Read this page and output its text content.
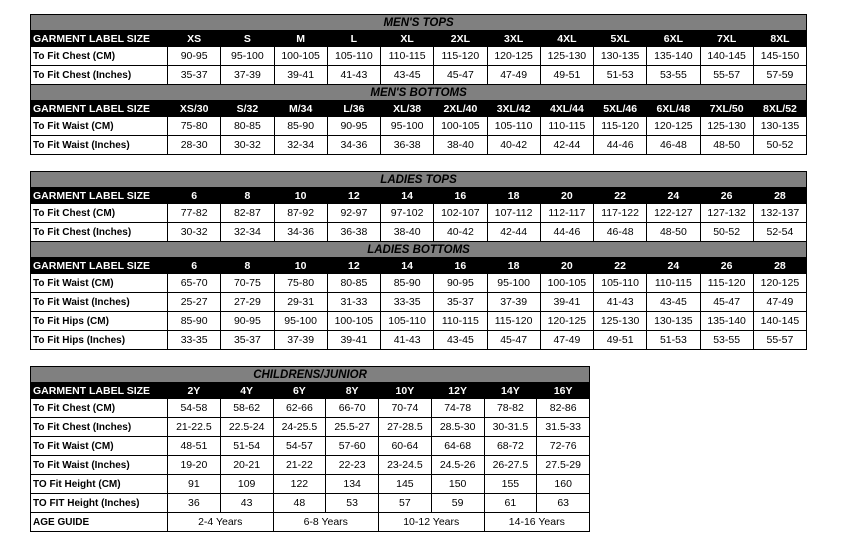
MEN'S TOPS												
GARMENT LABEL SIZE	XS	S	M	L	XL	2XL	3XL	4XL	5XL	6XL	7XL	8XL
To Fit Chest (CM)	90-95	95-100	100-105	105-110	110-115	115-120	120-125	125-130	130-135	135-140	140-145	145-150
To Fit Chest (Inches)	35-37	37-39	39-41	41-43	43-45	45-47	47-49	49-51	51-53	53-55	55-57	57-59
MEN'S BOTTOMS												
GARMENT LABEL SIZE	XS/30	S/32	M/34	L/36	XL/38	2XL/40	3XL/42	4XL/44	5XL/46	6XL/48	7XL/50	8XL/52
To Fit Waist (CM)	75-80	80-85	85-90	90-95	95-100	100-105	105-110	110-115	115-120	120-125	125-130	130-135
To Fit Waist (Inches)	28-30	30-32	32-34	34-36	36-38	38-40	40-42	42-44	44-46	46-48	48-50	50-52
LADIES TOPS												
GARMENT LABEL SIZE	6	8	10	12	14	16	18	20	22	24	26	28
To Fit Chest (CM)	77-82	82-87	87-92	92-97	97-102	102-107	107-112	112-117	117-122	122-127	127-132	132-137
To Fit Chest (Inches)	30-32	32-34	34-36	36-38	38-40	40-42	42-44	44-46	46-48	48-50	50-52	52-54
LADIES BOTTOMS												
GARMENT LABEL SIZE	6	8	10	12	14	16	18	20	22	24	26	28
To Fit Waist (CM)	65-70	70-75	75-80	80-85	85-90	90-95	95-100	100-105	105-110	110-115	115-120	120-125
To Fit Waist (Inches)	25-27	27-29	29-31	31-33	33-35	35-37	37-39	39-41	41-43	43-45	45-47	47-49
To Fit Hips (CM)	85-90	90-95	95-100	100-105	105-110	110-115	115-120	120-125	125-130	130-135	135-140	140-145
To Fit Hips (Inches)	33-35	35-37	37-39	39-41	41-43	43-45	45-47	47-49	49-51	51-53	53-55	55-57
CHILDRENS/JUNIOR								
GARMENT LABEL SIZE	2Y	4Y	6Y	8Y	10Y	12Y	14Y	16Y
To Fit Chest (CM)	54-58	58-62	62-66	66-70	70-74	74-78	78-82	82-86
To Fit Chest (Inches)	21-22.5	22.5-24	24-25.5	25.5-27	27-28.5	28.5-30	30-31.5	31.5-33
To Fit Waist (CM)	48-51	51-54	54-57	57-60	60-64	64-68	68-72	72-76
To Fit Waist (Inches)	19-20	20-21	21-22	22-23	23-24.5	24.5-26	26-27.5	27.5-29
TO Fit Height (CM)	91	109	122	134	145	150	155	160
TO FIT Height (Inches)	36	43	48	53	57	59	61	63
AGE GUIDE	2-4 Years		6-8 Years		10-12 Years		14-16 Years	
